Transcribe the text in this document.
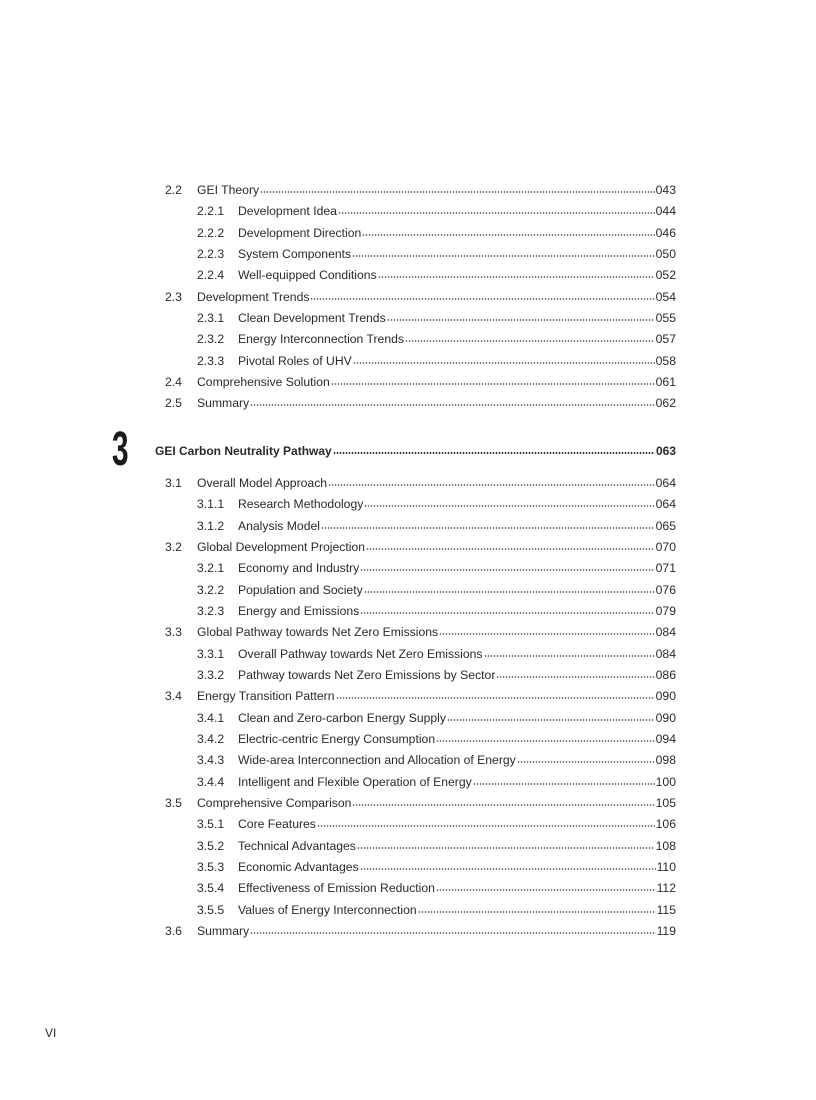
2.2	GEI Theory	043
2.2.1	Development Idea	044
2.2.2	Development Direction	046
2.2.3	System Components	050
2.2.4	Well-equipped Conditions	052
2.3	Development Trends	054
2.3.1	Clean Development Trends	055
2.3.2	Energy Interconnection Trends	057
2.3.3	Pivotal Roles of UHV	058
2.4	Comprehensive Solution	061
2.5	Summary	062
3 GEI Carbon Neutrality Pathway	063
3.1	Overall Model Approach	064
3.1.1	Research Methodology	064
3.1.2	Analysis Model	065
3.2	Global Development Projection	070
3.2.1	Economy and Industry	071
3.2.2	Population and Society	076
3.2.3	Energy and Emissions	079
3.3	Global Pathway towards Net Zero Emissions	084
3.3.1	Overall Pathway towards Net Zero Emissions	084
3.3.2	Pathway towards Net Zero Emissions by Sector	086
3.4	Energy Transition Pattern	090
3.4.1	Clean and Zero-carbon Energy Supply	090
3.4.2	Electric-centric Energy Consumption	094
3.4.3	Wide-area Interconnection and Allocation of Energy	098
3.4.4	Intelligent and Flexible Operation of Energy	100
3.5	Comprehensive Comparison	105
3.5.1	Core Features	106
3.5.2	Technical Advantages	108
3.5.3	Economic Advantages	110
3.5.4	Effectiveness of Emission Reduction	112
3.5.5	Values of Energy Interconnection	115
3.6	Summary	119
VI
